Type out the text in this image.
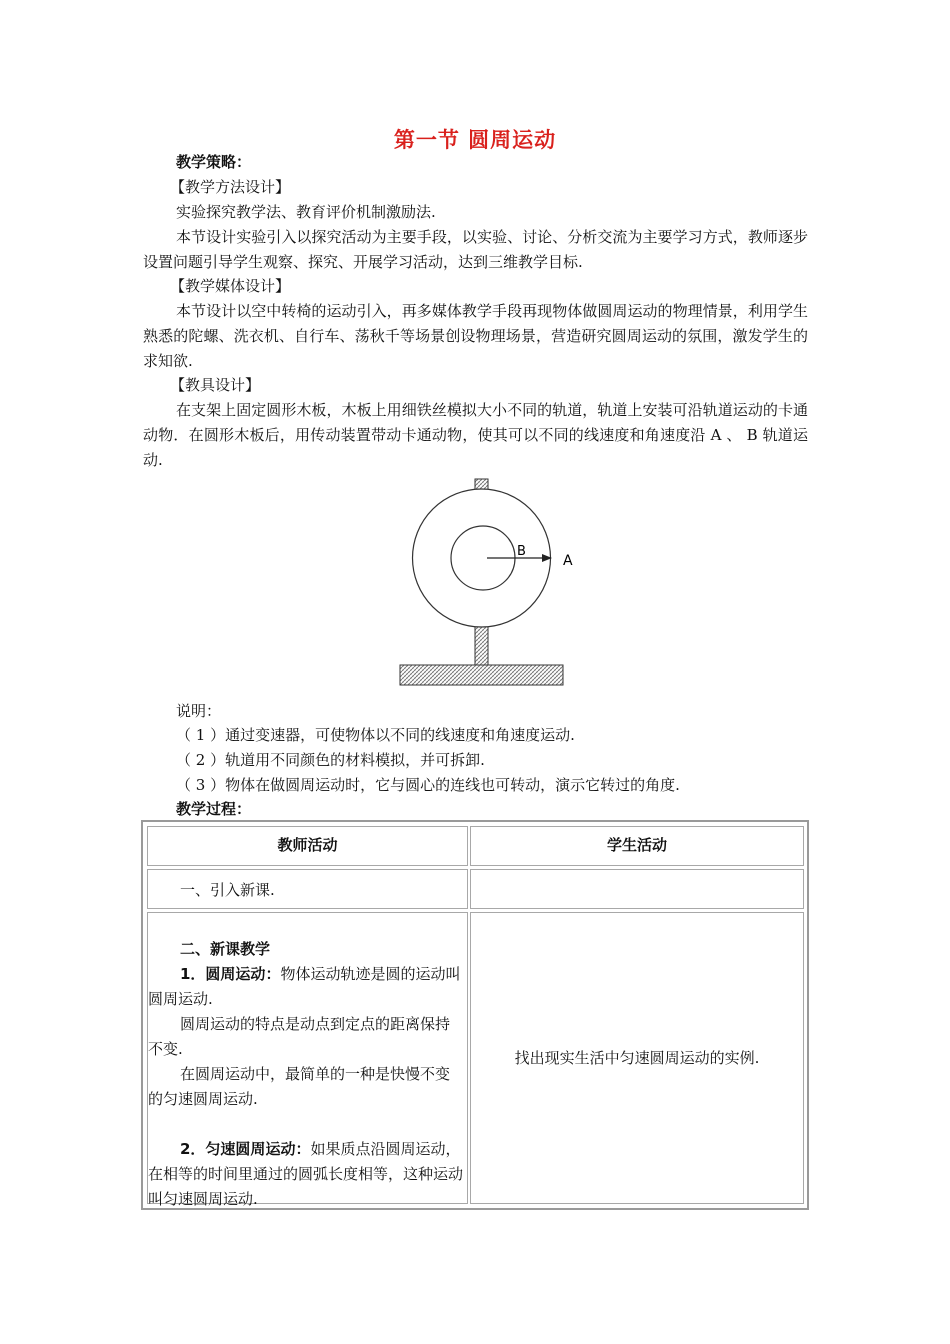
第一节 圆周运动
教学策略：
【教学方法设计】
实验探究教学法、教育评价机制激励法.
本节设计实验引入以探究活动为主要手段，以实验、讨论、分析交流为主要学习方式，教师逐步设置问题引导学生观察、探究、开展学习活动，达到三维教学目标.
【教学媒体设计】
本节设计以空中转椅的运动引入，再多媒体教学手段再现物体做圆周运动的物理情景，利用学生熟悉的陀螺、洗衣机、自行车、荡秋千等场景创设物理场景，营造研究圆周运动的氛围，激发学生的求知欲.
【教具设计】
在支架上固定圆形木板，木板上用细铁丝模拟大小不同的轨道，轨道上安装可沿轨道运动的卡通动物．在圆形木板后，用传动装置带动卡通动物，使其可以不同的线速度和角速度沿 A 、 B 轨道运动.
B
A
说明：
（ 1 ）通过变速器，可使物体以不同的线速度和角速度运动.
（ 2 ）轨道用不同颜色的材料模拟，并可拆卸.
（ 3 ）物体在做圆周运动时，它与圆心的连线也可转动，演示它转过的角度.
教学过程：
教师活动	学生活动
一、引入新课.

二、新课教学

1．圆周运动：物体运动轨迹是圆的运动叫圆周运动.

圆周运动的特点是动点到定点的距离保持不变.

在圆周运动中，最简单的一种是快慢不变的匀速圆周运动.

2．匀速圆周运动：如果质点沿圆周运动，在相等的时间里通过的圆弧长度相等，这种运动叫匀速圆周运动.

找出现实生活中匀速圆周运动的实例.
